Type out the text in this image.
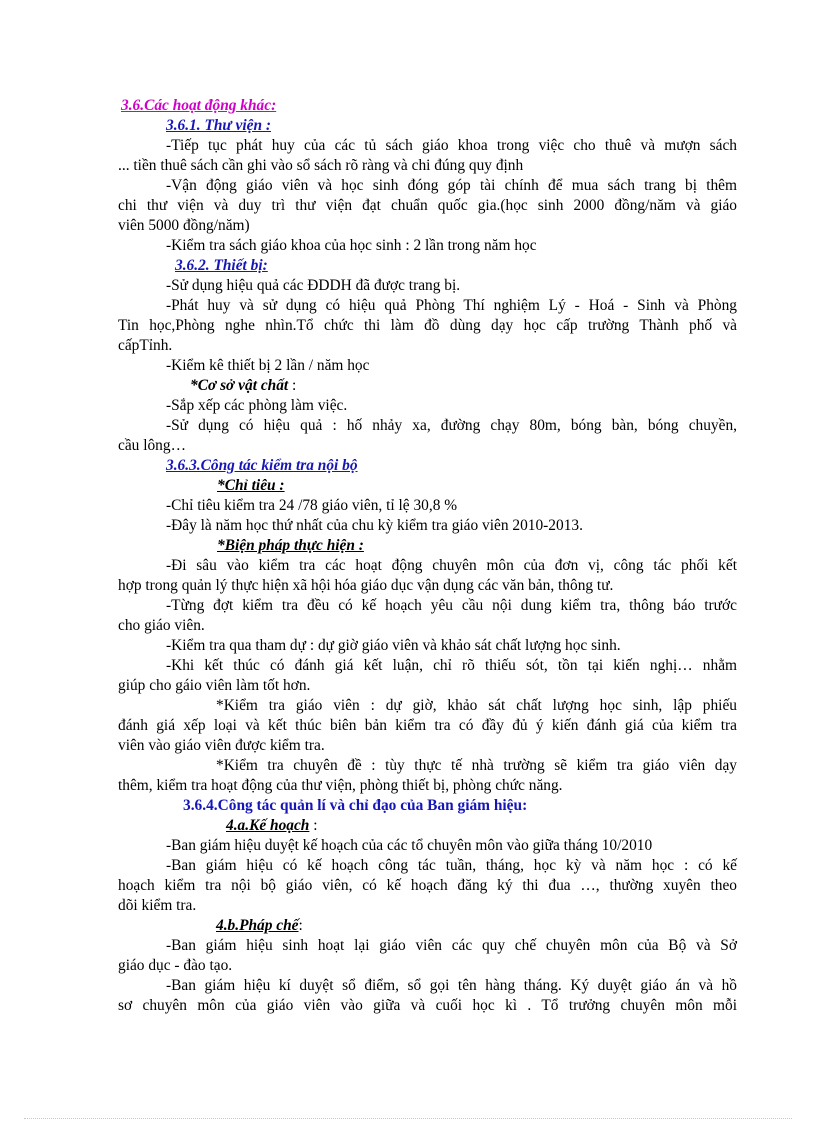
3.6.Các hoạt động khác:
3.6.1. Thư viện :
-Tiếp tục phát huy của các tủ sách giáo khoa trong việc cho thuê và mượn sách
... tiền thuê sách cần ghi vào sổ sách rõ ràng và chi đúng quy định
-Vận động giáo viên và học sinh đóng góp tài chính để mua sách trang bị thêm
chi thư viện và duy trì thư viện đạt chuẩn quốc gia.(học sinh 2000 đồng/năm và giáo
viên 5000 đồng/năm)
-Kiểm tra sách giáo khoa của học sinh : 2 lần trong năm học
3.6.2. Thiết bị:
-Sử dụng hiệu quả các ĐDDH đã được trang bị.
-Phát huy và sử dụng có hiệu quả Phòng Thí nghiệm Lý - Hoá - Sinh và Phòng
Tin học,Phòng nghe nhìn.Tổ chức thi làm đồ dùng dạy học cấp trường Thành phố và
cấpTỉnh.
-Kiểm kê thiết bị 2 lần / năm học
*Cơ sở vật chất :
-Sắp xếp các phòng làm việc.
-Sử dụng có hiệu quả : hố nhảy xa, đường chạy 80m, bóng bàn, bóng chuyền,
cầu lông…
3.6.3.Công tác kiểm tra nội bộ
*Chỉ tiêu :
-Chỉ tiêu kiểm tra 24 /78 giáo viên, tỉ lệ 30,8 %
-Đây là năm học thứ nhất của chu kỳ kiểm tra giáo viên 2010-2013.
*Biện pháp thực hiện :
-Đi sâu vào kiểm tra các hoạt động chuyên môn của đơn vị, công tác phối kết
hợp trong quản lý thực hiện xã hội hóa giáo dục vận dụng các văn bản, thông tư.
-Từng đợt kiểm tra đều có kế hoạch yêu cầu nội dung kiểm tra, thông báo trước
cho giáo viên.
-Kiểm tra qua tham dự : dự giờ giáo viên và khảo sát chất lượng học sinh.
-Khi kết thúc có đánh giá kết luận, chỉ rõ thiếu sót, tồn tại kiến nghị… nhằm
giúp cho gáio viên làm tốt hơn.
*Kiểm tra giáo viên : dự giờ, khảo sát chất lượng học sinh, lập phiếu
đánh giá xếp loại và kết thúc biên bản kiểm tra có đầy đủ ý kiến đánh giá của kiểm tra
viên vào giáo viên được kiểm tra.
*Kiểm tra chuyên đề : tùy thực tế nhà trường sẽ kiểm tra giáo viên dạy
thêm, kiểm tra hoạt động của thư viện, phòng thiết bị, phòng chức năng.
3.6.4.Công tác quản lí và chỉ đạo của Ban giám hiệu:
4.a.Kế hoạch :
-Ban giám hiệu duyệt kế hoạch của các tổ chuyên môn vào giữa tháng 10/2010
-Ban giám hiệu có kế hoạch công tác tuần, tháng, học kỳ và năm học : có kế
hoạch kiểm tra nội bộ giáo viên, có kế hoạch đăng ký thi đua …, thường xuyên theo
dõi kiểm tra.
4.b.Pháp chế:
-Ban giám hiệu sinh hoạt lại giáo viên các quy chế chuyên môn của Bộ và Sở
giáo dục - đào tạo.
-Ban giám hiệu kí duyệt sổ điểm, sổ gọi tên hàng tháng. Ký duyệt giáo án và hồ
sơ chuyên môn của giáo viên vào giữa và cuối học kì . Tổ trưởng chuyên môn mỗi
